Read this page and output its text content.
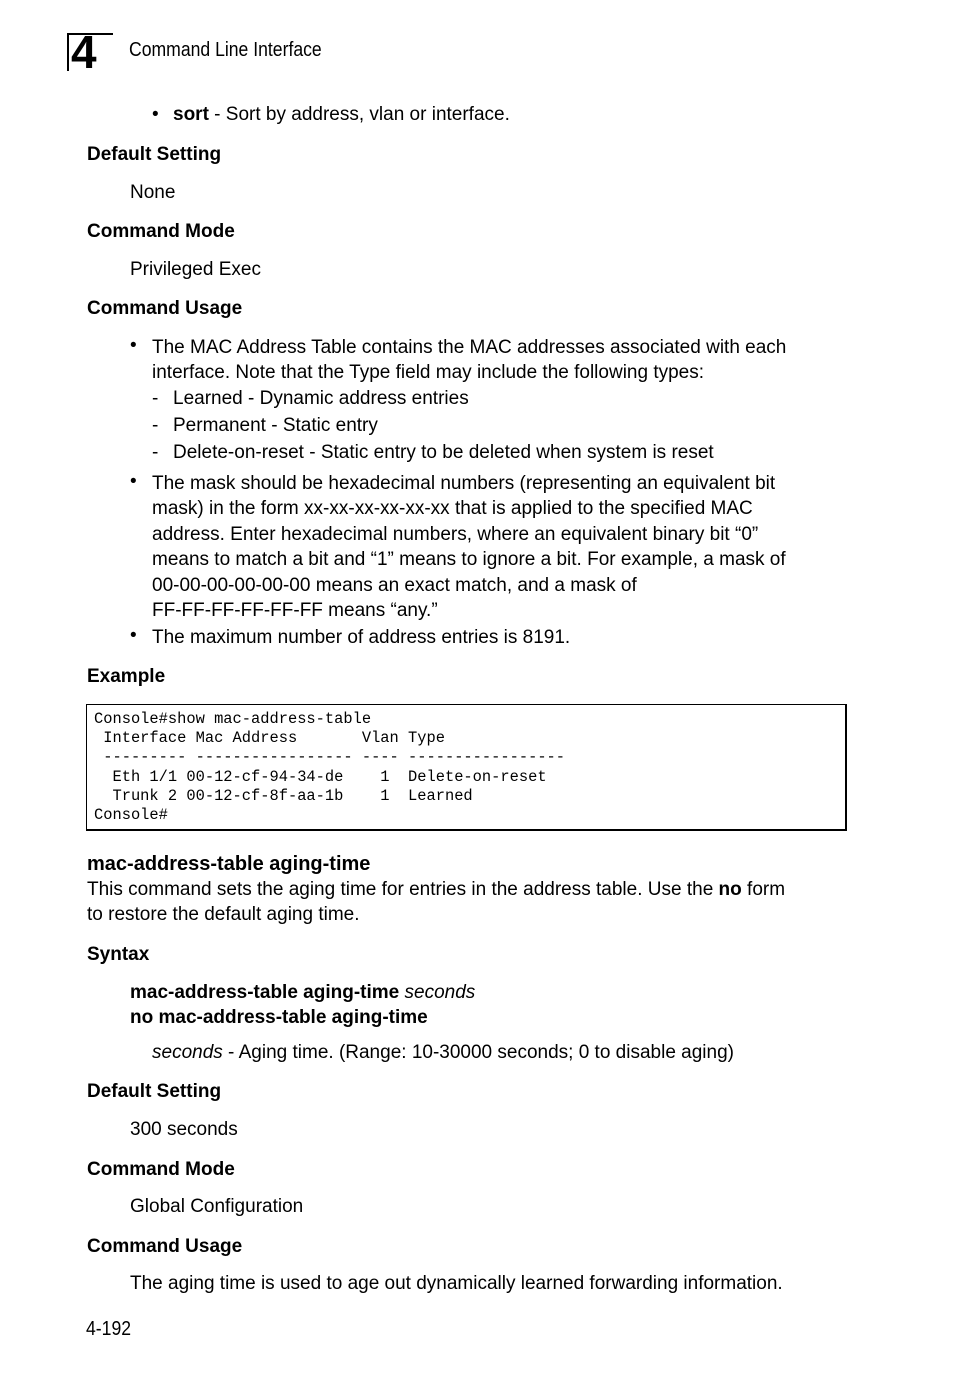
4 Command Line Interface
• sort - Sort by address, vlan or interface.
Default Setting
None
Command Mode
Privileged Exec
Command Usage
• The MAC Address Table contains the MAC addresses associated with each
interface. Note that the Type field may include the following types:
- Learned - Dynamic address entries
- Permanent - Static entry
- Delete-on-reset - Static entry to be deleted when system is reset
• The mask should be hexadecimal numbers (representing an equivalent bit
mask) in the form xx-xx-xx-xx-xx-xx that is applied to the specified MAC
address. Enter hexadecimal numbers, where an equivalent binary bit “0”
means to match a bit and “1” means to ignore a bit. For example, a mask of
00-00-00-00-00-00 means an exact match, and a mask of
FF-FF-FF-FF-FF-FF means “any.”
• The maximum number of address entries is 8191.
Example
Console#show mac-address-table
Interface Mac Address       Vlan Type
--------- ----------------- ---- -----------------
Eth 1/1 00-12-cf-94-34-de    1  Delete-on-reset
Trunk 2 00-12-cf-8f-aa-1b    1  Learned
Console#
mac-address-table aging-time
This command sets the aging time for entries in the address table. Use the no form
to restore the default aging time.
Syntax
mac-address-table aging-time seconds
no mac-address-table aging-time
seconds - Aging time. (Range: 10-30000 seconds; 0 to disable aging)
Default Setting
300 seconds
Command Mode
Global Configuration
Command Usage
The aging time is used to age out dynamically learned forwarding information.
4-192
